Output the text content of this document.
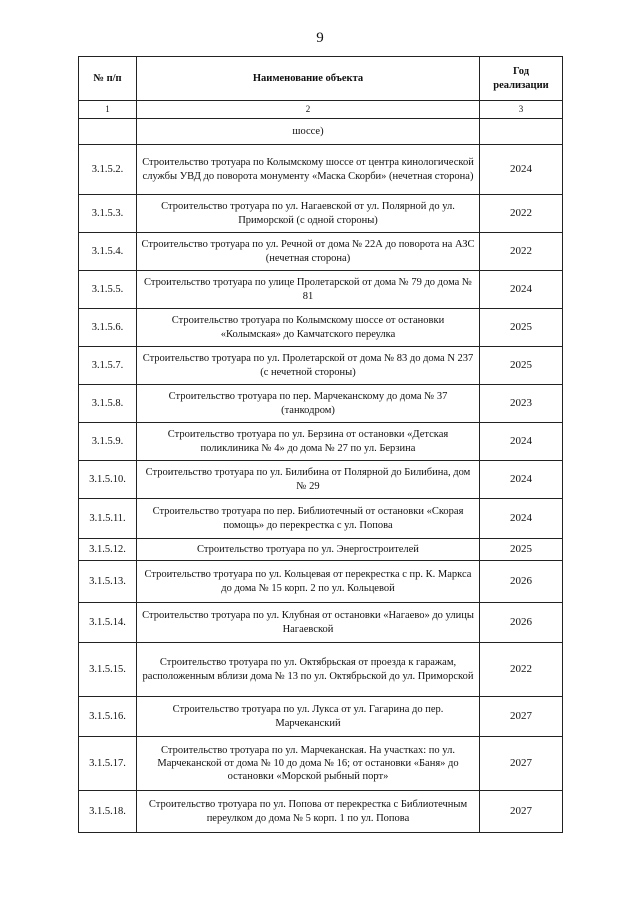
9
№ п/п	Наименование объекта	Год реализации
1	2	3
	шоссе)	
3.1.5.2.	Строительство тротуара по Колымскому шоссе от центра кинологической службы УВД до поворота монументу «Маска Скорби» (нечетная сторона)	2024
3.1.5.3.	Строительство тротуара по ул. Нагаевской от ул. Полярной до ул. Приморской (с одной стороны)	2022
3.1.5.4.	Строительство тротуара по ул. Речной от дома № 22А до поворота на АЗС (нечетная сторона)	2022
3.1.5.5.	Строительство тротуара по улице Пролетарской от дома № 79 до дома № 81	2024
3.1.5.6.	Строительство тротуара по Колымскому шоссе от остановки «Колымская» до Камчатского переулка	2025
3.1.5.7.	Строительство тротуара по ул. Пролетарской от дома № 83 до дома N 237 (с нечетной стороны)	2025
3.1.5.8.	Строительство тротуара по пер. Марчеканскому до дома № 37 (танкодром)	2023
3.1.5.9.	Строительство тротуара по ул. Берзина от остановки «Детская поликлиника № 4» до дома № 27 по ул. Берзина	2024
3.1.5.10.	Строительство тротуара по ул. Билибина от Полярной до Билибина, дом № 29	2024
3.1.5.11.	Строительство тротуара по пер. Библиотечный от остановки «Скорая помощь» до перекрестка с ул. Попова	2024
3.1.5.12.	Строительство тротуара по ул. Энергостроителей	2025
3.1.5.13.	Строительство тротуара по ул. Кольцевая от перекрестка с пр. К. Маркса до дома № 15 корп. 2 по ул. Кольцевой	2026
3.1.5.14.	Строительство тротуара по ул. Клубная от остановки «Нагаево» до улицы Нагаевской	2026
3.1.5.15.	Строительство тротуара по ул. Октябрьская от проезда к гаражам, расположенным вблизи дома № 13 по ул. Октябрьской до ул. Приморской	2022
3.1.5.16.	Строительство тротуара по ул. Лукса от ул. Гагарина до пер. Марчеканский	2027
3.1.5.17.	Строительство тротуара по ул. Марчеканская. На участках: по ул. Марчеканской от дома № 10 до дома № 16; от остановки «Баня» до остановки «Морской рыбный порт»	2027
3.1.5.18.	Строительство тротуара по ул. Попова от перекрестка с Библиотечным переулком до дома № 5 корп. 1 по ул. Попова	2027
